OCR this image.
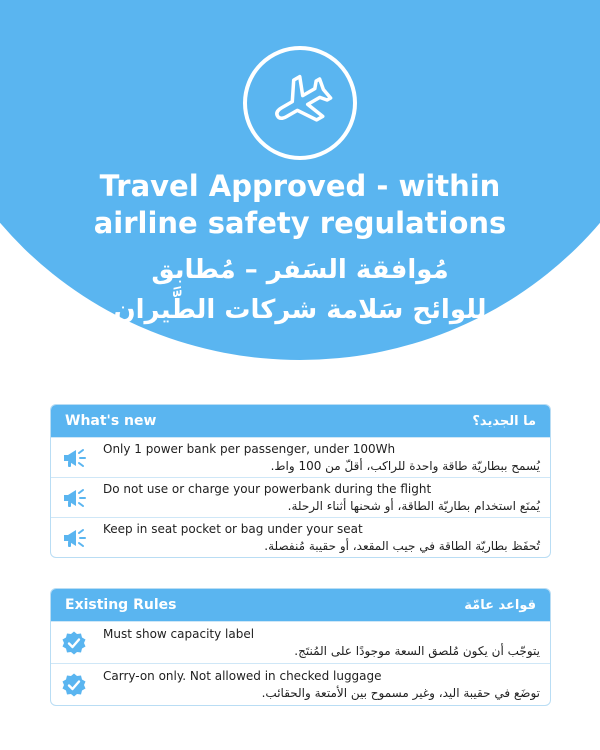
Travel Approved - within
airline safety regulations
مُوافقة السَفر – مُطابق
لِلوائح سَلامة شركات الطَّيران
What's new	ما الجديد؟
Only 1 power bank per passenger, under 100Wh
يُسمح ببطاريّة طاقة واحدة للراكب، أقلّ من 100 واط.
Do not use or charge your powerbank during the flight
يُمنَع استخدام بطاريّة الطاقة، أو شحنها أثناء الرحلة.
Keep in seat pocket or bag under your seat
تُحفَظ بطاريّة الطاقة في جيب المقعد، أو حقيبة مُنفصلة.
Existing Rules	قواعد عامّة
Must show capacity label
يتوجّب أن يكون مُلصق السعة موجودًا على المُنتَج.
Carry-on only. Not allowed in checked luggage
توضَع في حقيبة اليد، وغير مسموح بين الأمتعة والحقائب.
